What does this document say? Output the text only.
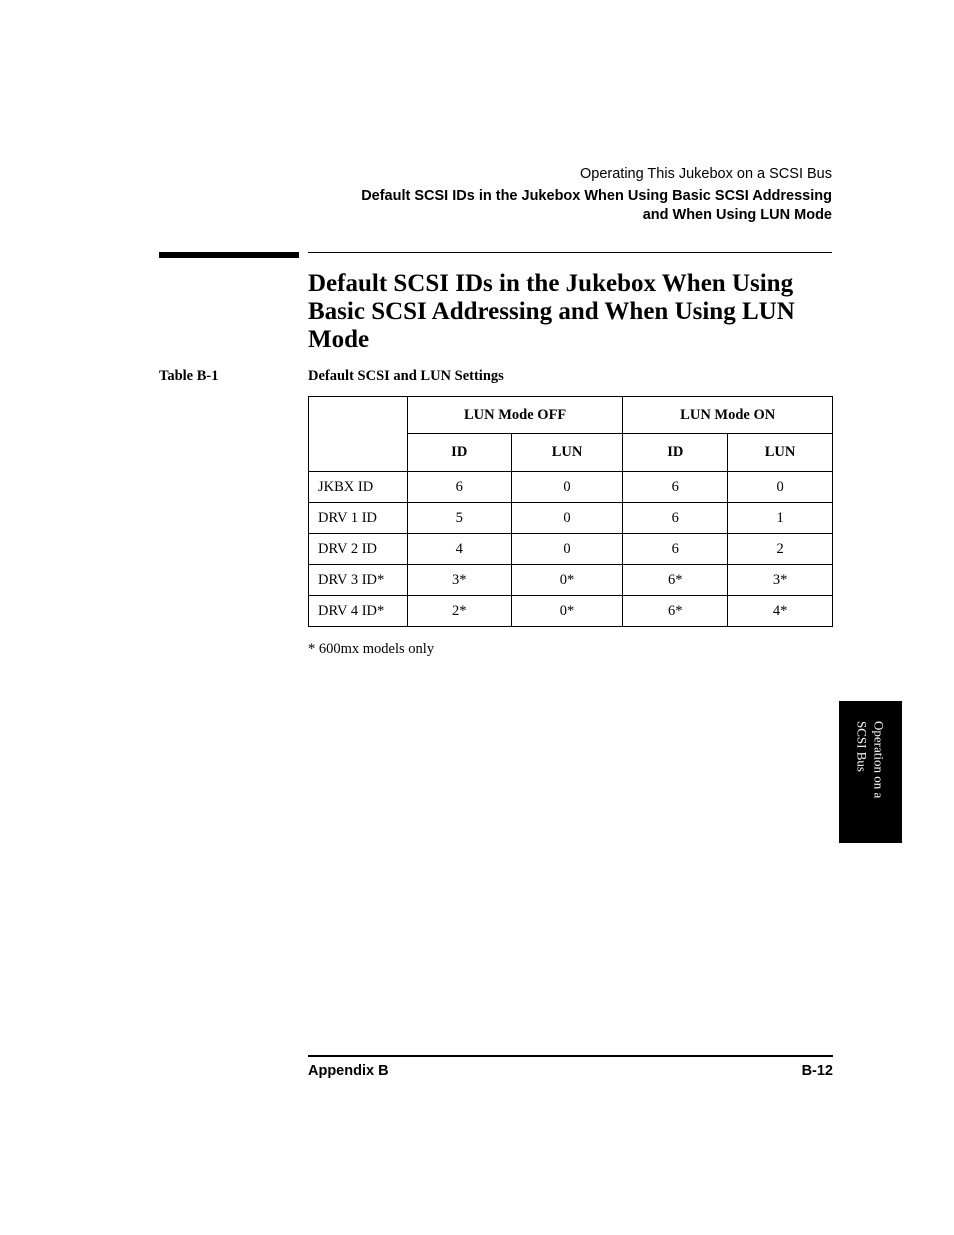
Operating This Jukebox on a SCSI Bus
Default SCSI IDs in the Jukebox When Using Basic SCSI Addressing
and When Using LUN Mode
Default SCSI IDs in the Jukebox When Using Basic SCSI Addressing and When Using LUN Mode
Table B-1	Default SCSI and LUN Settings
	LUN Mode OFF		LUN Mode ON	
	ID	LUN	ID	LUN
JKBX ID	6	0	6	0
DRV 1 ID	5	0	6	1
DRV 2 ID	4	0	6	2
DRV 3 ID*	3*	0*	6*	3*
DRV 4 ID*	2*	0*	6*	4*
* 600mx models only
Operation on a
SCSI Bus
Appendix B	B-12
